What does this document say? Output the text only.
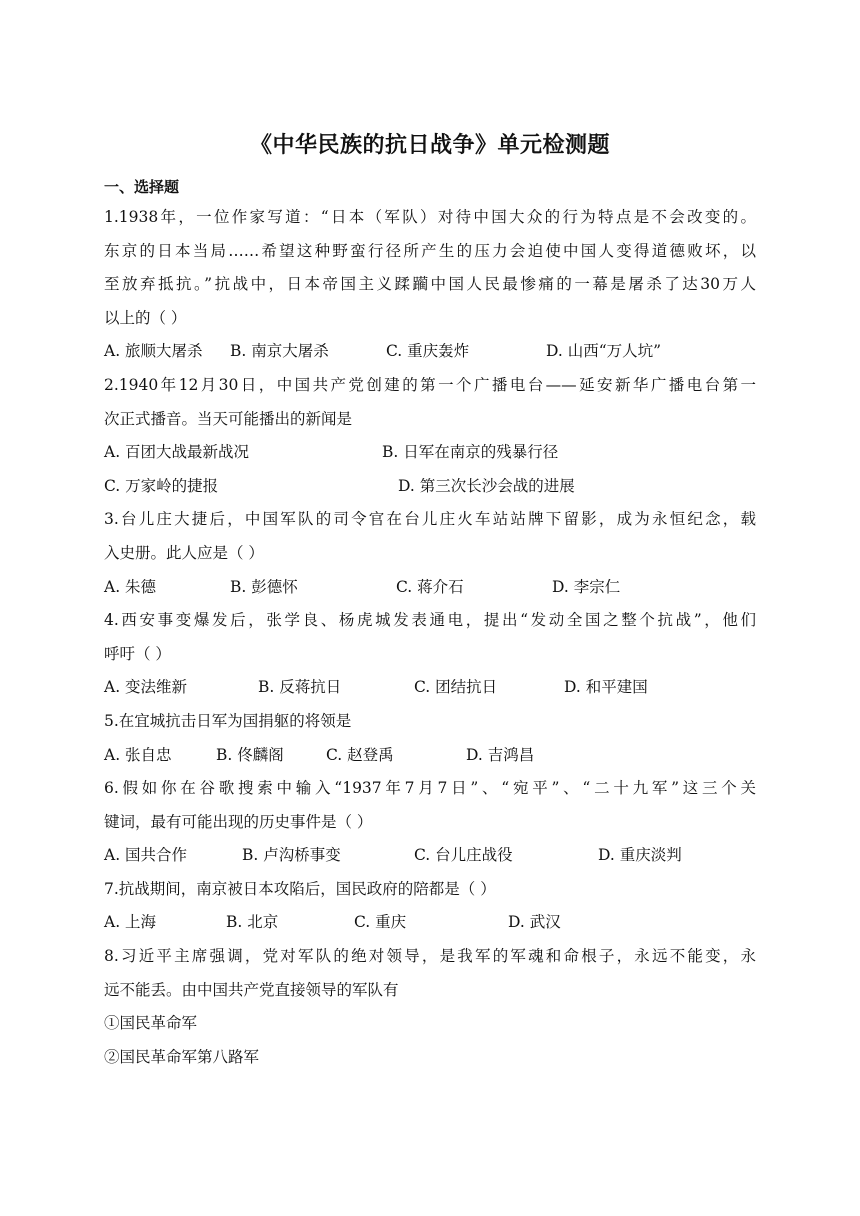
《中华民族的抗日战争》单元检测题
一、选择题
1.1938年，一位作家写道：“日本（军队）对待中国大众的行为特点是不会改变的。
东京的日本当局……希望这种野蛮行径所产生的压力会迫使中国人变得道德败坏，以
至放弃抵抗。”抗战中，日本帝国主义蹂躏中国人民最惨痛的一幕是屠杀了达30万人
以上的（ ）
A. 旅顺大屠杀	B. 南京大屠杀	C. 重庆轰炸	D. 山西“万人坑”
2.1940年12月30日，中国共产党创建的第一个广播电台——延安新华广播电台第一
次正式播音。当天可能播出的新闻是
A. 百团大战最新战况	B. 日军在南京的残暴行径
C. 万家岭的捷报	D. 第三次长沙会战的进展
3.台儿庄大捷后，中国军队的司令官在台儿庄火车站站牌下留影，成为永恒纪念，载
入史册。此人应是（ ）
A. 朱德	B. 彭德怀	C. 蒋介石	D. 李宗仁
4.西安事变爆发后，张学良、杨虎城发表通电，提出“发动全国之整个抗战”，他们
呼吁（ ）
A. 变法维新	B. 反蒋抗日	C. 团结抗日	D. 和平建国
5.在宜城抗击日军为国捐躯的将领是
A. 张自忠	B. 佟麟阁	C. 赵登禹	D. 吉鸿昌
6.假如你在谷歌搜索中输入“1937年7月7日”、“宛平”、“二十九军”这三个关
键词，最有可能出现的历史事件是（ ）
A. 国共合作	B. 卢沟桥事变	C. 台儿庄战役	D. 重庆淡判
7.抗战期间，南京被日本攻陷后，国民政府的陪都是（ ）
A. 上海	B. 北京	C. 重庆	D. 武汉
8.习近平主席强调，党对军队的绝对领导，是我军的军魂和命根子，永远不能变，永
远不能丢。由中国共产党直接领导的军队有
①国民革命军
②国民革命军第八路军
